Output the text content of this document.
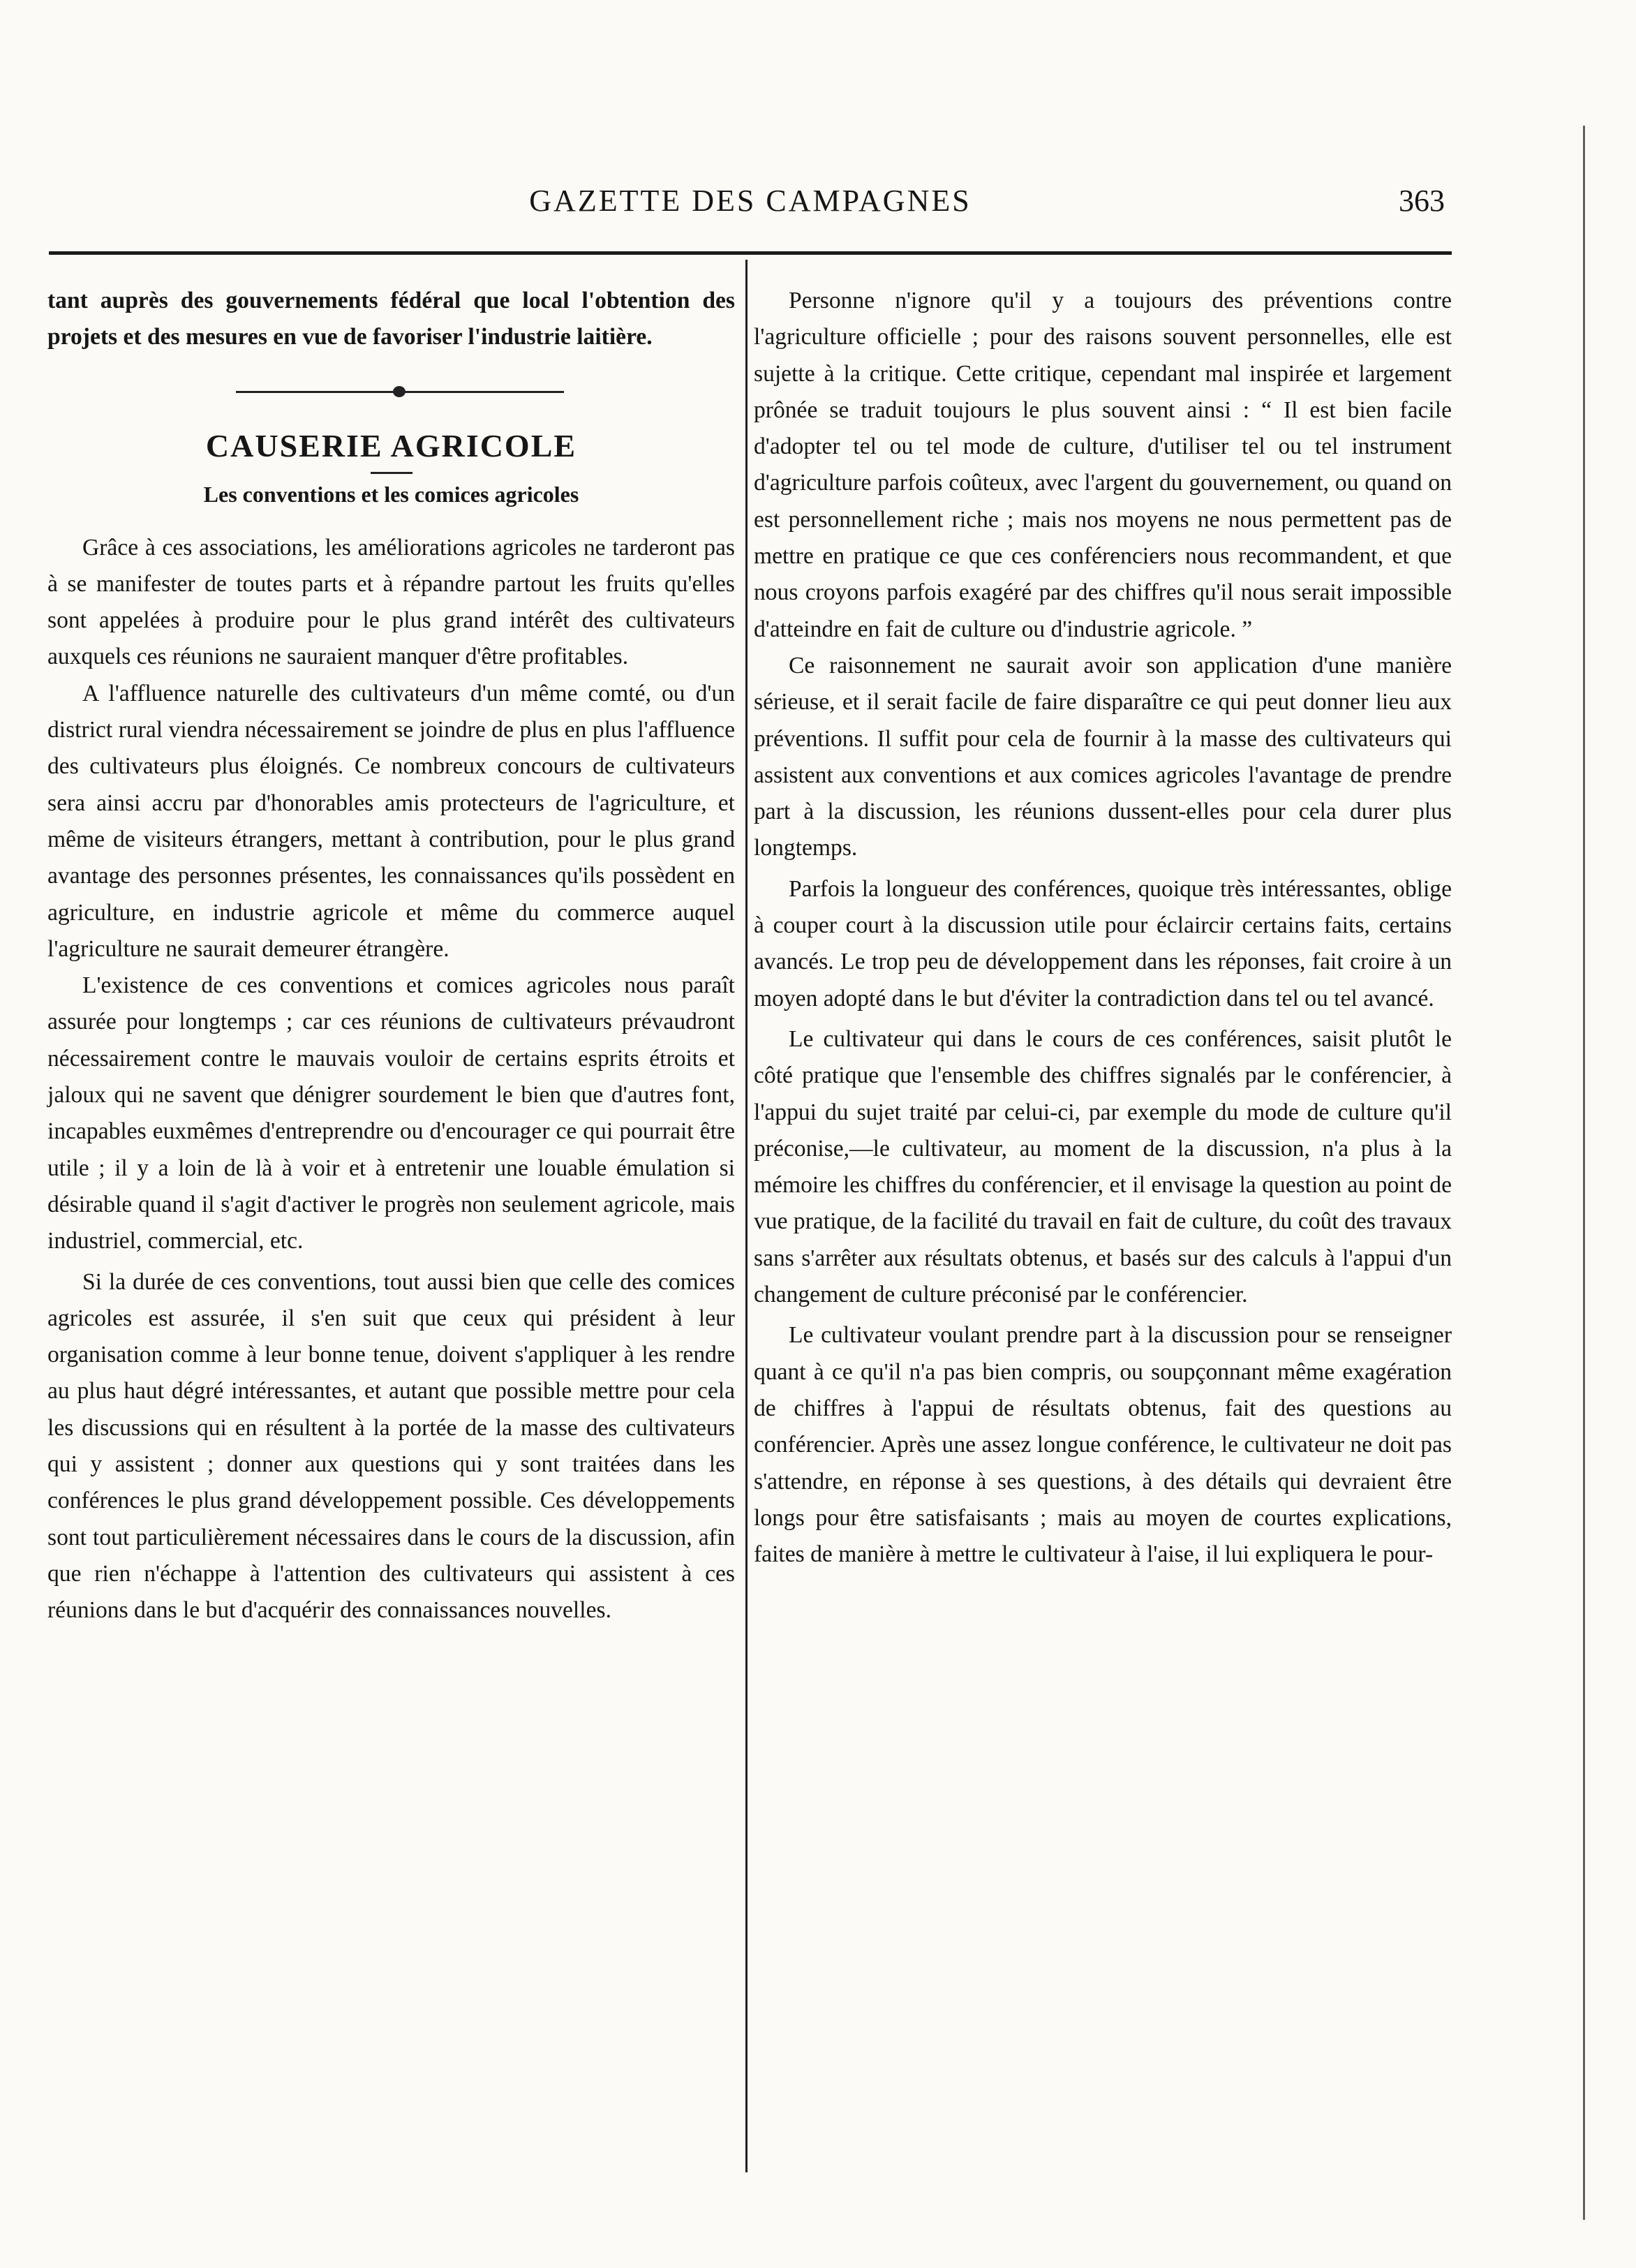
GAZETTE DES CAMPAGNES	363

tant auprès des gouvernements fédéral que local l'obtention des projets et des mesures en vue de favoriser l'industrie laitière.

CAUSERIE AGRICOLE
Les conventions et les comices agricoles

Grâce à ces associations, les améliorations agricoles ne tarderont pas à se manifester de toutes parts et à répandre partout les fruits qu'elles sont appelées à produire pour le plus grand intérêt des cultivateurs auxquels ces réunions ne sauraient manquer d'être profitables.

A l'affluence naturelle des cultivateurs d'un même comté, ou d'un district rural viendra nécessairement se joindre de plus en plus l'affluence des cultivateurs plus éloignés. Ce nombreux concours de cultivateurs sera ainsi accru par d'honorables amis protecteurs de l'agriculture, et même de visiteurs étrangers, mettant à contribution, pour le plus grand avantage des personnes présentes, les connaissances qu'ils possèdent en agriculture, en industrie agricole et même du commerce auquel l'agriculture ne saurait demeurer étrangère.

L'existence de ces conventions et comices agricoles nous paraît assurée pour longtemps ; car ces réunions de cultivateurs prévaudront nécessairement contre le mauvais vouloir de certains esprits étroits et jaloux qui ne savent que dénigrer sourdement le bien que d'autres font, incapables euxmêmes d'entreprendre ou d'encourager ce qui pourrait être utile ; il y a loin de là à voir et à entretenir une louable émulation si désirable quand il s'agit d'activer le progrès non seulement agricole, mais industriel, commercial, etc.

Si la durée de ces conventions, tout aussi bien que celle des comices agricoles est assurée, il s'en suit que ceux qui président à leur organisation comme à leur bonne tenue, doivent s'appliquer à les rendre au plus haut dégré intéressantes, et autant que possible mettre pour cela les discussions qui en résultent à la portée de la masse des cultivateurs qui y assistent ; donner aux questions qui y sont traitées dans les conférences le plus grand développement possible. Ces développements sont tout particulièrement nécessaires dans le cours de la discussion, afin que rien n'échappe à l'attention des cultivateurs qui assistent à ces réunions dans le but d'acquérir des connaissances nouvelles.

Personne n'ignore qu'il y a toujours des préventions contre l'agriculture officielle ; pour des raisons souvent personnelles, elle est sujette à la critique. Cette critique, cependant mal inspirée et largement prônée se traduit toujours le plus souvent ainsi : “ Il est bien facile d'adopter tel ou tel mode de culture, d'utiliser tel ou tel instrument d'agriculture parfois coûteux, avec l'argent du gouvernement, ou quand on est personnellement riche ; mais nos moyens ne nous permettent pas de mettre en pratique ce que ces conférenciers nous recommandent, et que nous croyons parfois exagéré par des chiffres qu'il nous serait impossible d'atteindre en fait de culture ou d'industrie agricole. ”

Ce raisonnement ne saurait avoir son application d'une manière sérieuse, et il serait facile de faire disparaître ce qui peut donner lieu aux préventions. Il suffit pour cela de fournir à la masse des cultivateurs qui assistent aux conventions et aux comices agricoles l'avantage de prendre part à la discussion, les réunions dussent-elles pour cela durer plus longtemps.

Parfois la longueur des conférences, quoique très intéressantes, oblige à couper court à la discussion utile pour éclaircir certains faits, certains avancés. Le trop peu de développement dans les réponses, fait croire à un moyen adopté dans le but d'éviter la contradiction dans tel ou tel avancé.

Le cultivateur qui dans le cours de ces conférences, saisit plutôt le côté pratique que l'ensemble des chiffres signalés par le conférencier, à l'appui du sujet traité par celui-ci, par exemple du mode de culture qu'il préconise,—le cultivateur, au moment de la discussion, n'a plus à la mémoire les chiffres du conférencier, et il envisage la question au point de vue pratique, de la facilité du travail en fait de culture, du coût des travaux sans s'arrêter aux résultats obtenus, et basés sur des calculs à l'appui d'un changement de culture préconisé par le conférencier.

Le cultivateur voulant prendre part à la discussion pour se renseigner quant à ce qu'il n'a pas bien compris, ou soupçonnant même exagération de chiffres à l'appui de résultats obtenus, fait des questions au conférencier. Après une assez longue conférence, le cultivateur ne doit pas s'attendre, en réponse à ses questions, à des détails qui devraient être longs pour être satisfaisants ; mais au moyen de courtes explications, faites de manière à mettre le cultivateur à l'aise, il lui expliquera le pour-
